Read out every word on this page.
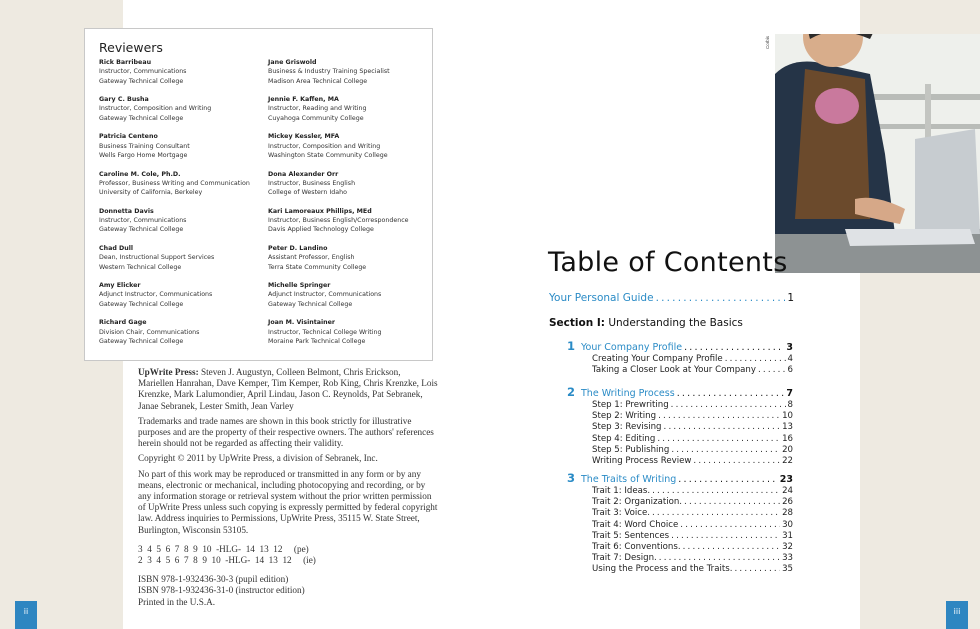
Reviewers
Rick Barribeau
Instructor, Communications
Gateway Technical College
Gary C. Busha
Instructor, Composition and Writing
Gateway Technical College
Patricia Centeno
Business Training Consultant
Wells Fargo Home Mortgage
Caroline M. Cole, Ph.D.
Professor, Business Writing and Communication
University of California, Berkeley
Donnetta Davis
Instructor, Communications
Gateway Technical College
Chad Dull
Dean, Instructional Support Services
Western Technical College
Amy Elicker
Adjunct Instructor, Communications
Gateway Technical College
Richard Gage
Division Chair, Communications
Gateway Technical College
Jane Griswold
Business & Industry Training Specialist
Madison Area Technical College
Jennie F. Kaffen, MA
Instructor, Reading and Writing
Cuyahoga Community College
Mickey Kessler, MFA
Instructor, Composition and Writing
Washington State Community College
Dona Alexander Orr
Instructor, Business English
College of Western Idaho
Kari Lamoreaux Phillips, MEd
Instructor, Business English/Correspondence
Davis Applied Technology College
Peter D. Landino
Assistant Professor, English
Terra State Community College
Michelle Springer
Adjunct Instructor, Communications
Gateway Technical College
Joan M. Visintainer
Instructor, Technical College Writing
Moraine Park Technical College

UpWrite Press: Steven J. Augustyn, Colleen Belmont, Chris Erickson, Mariellen Hanrahan, Dave Kemper, Tim Kemper, Rob King, Chris Krenzke, Lois Krenzke, Mark Lalumondier, April Lindau, Jason C. Reynolds, Pat Sebranek, Janae Sebranek, Lester Smith, Jean Varley

Trademarks and trade names are shown in this book strictly for illustrative purposes and are the property of their respective owners. The authors' references herein should not be regarded as affecting their validity.

Copyright © 2011 by UpWrite Press, a division of Sebranek, Inc.

No part of this work may be reproduced or transmitted in any form or by any means, electronic or mechanical, including photocopying and recording, or by any information storage or retrieval system without the prior written permission of UpWrite Press unless such copying is expressly permitted by federal copyright law. Address inquiries to Permissions, UpWrite Press, 35115 W. State Street, Burlington, Wisconsin 53105.

3  4  5  6  7  8  9  10  -HLG-  14  13  12     (pe)
2  3  4  5  6  7  8  9  10  -HLG-  14  13  12     (ie)
ISBN 978-1-932436-30-3 (pupil edition)
ISBN 978-1-932436-31-0 (instructor edition)
Printed in the U.S.A.
Corbis
Table of Contents
Your Personal Guide .....	1
Section I: Understanding the Basics
1 Your Company Profile .....	3
Creating Your Company Profile .....	4
Taking a Closer Look at Your Company .....	6
2 The Writing Process .....	7
Step 1: Prewriting .....	8
Step 2: Writing .....	10
Step 3: Revising .....	13
Step 4: Editing .....	16
Step 5: Publishing .....	20
Writing Process Review .....	22
3 The Traits of Writing .....	23
Trait 1: Ideas. .....	24
Trait 2: Organization. .....	26
Trait 3: Voice. .....	28
Trait 4: Word Choice .....	30
Trait 5: Sentences .....	31
Trait 6: Conventions. .....	32
Trait 7: Design. .....	33
Using the Process and the Traits. .....	35
ii	iii
